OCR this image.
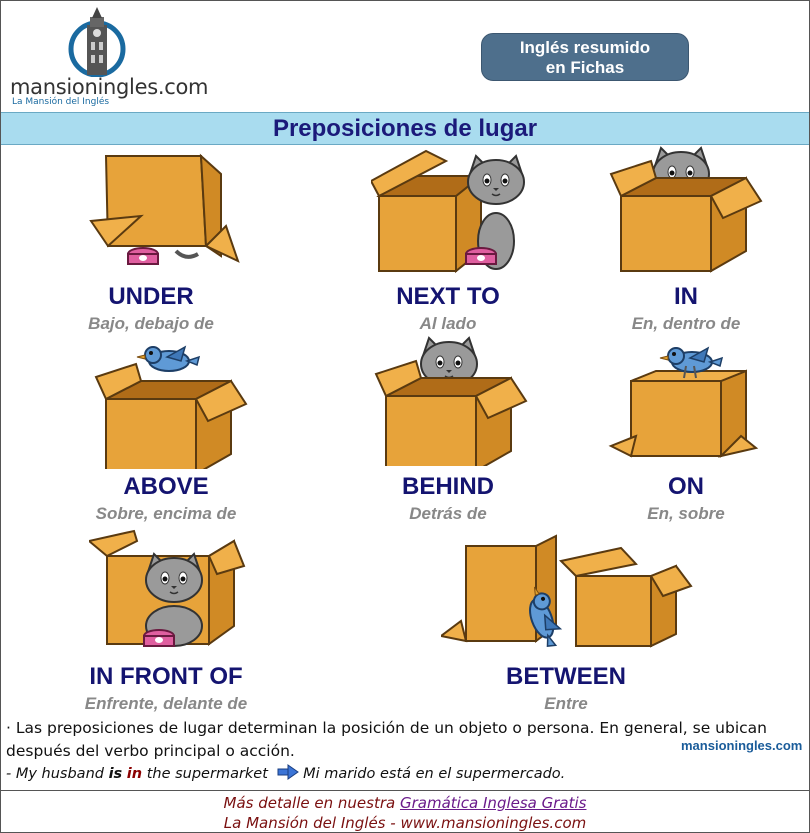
mansioningles.com
La Mansión del Inglés
Inglés resumido
en Fichas
Preposiciones de lugar
UNDER
Bajo, debajo de
NEXT TO
Al lado
IN
En, dentro de
ABOVE
Sobre, encima de
BEHIND
Detrás de
ON
En, sobre
IN FRONT OF
Enfrente, delante de
BETWEEN
Entre
· Las preposiciones de lugar determinan la posición de un objeto o persona. En general, se ubican después del verbo principal o acción.	mansioningles.com
- My husband is in the supermarket  Mi marido está en el supermercado.
Más detalle en nuestra Gramática Inglesa Gratis
La Mansión del Inglés - www.mansioningles.com
